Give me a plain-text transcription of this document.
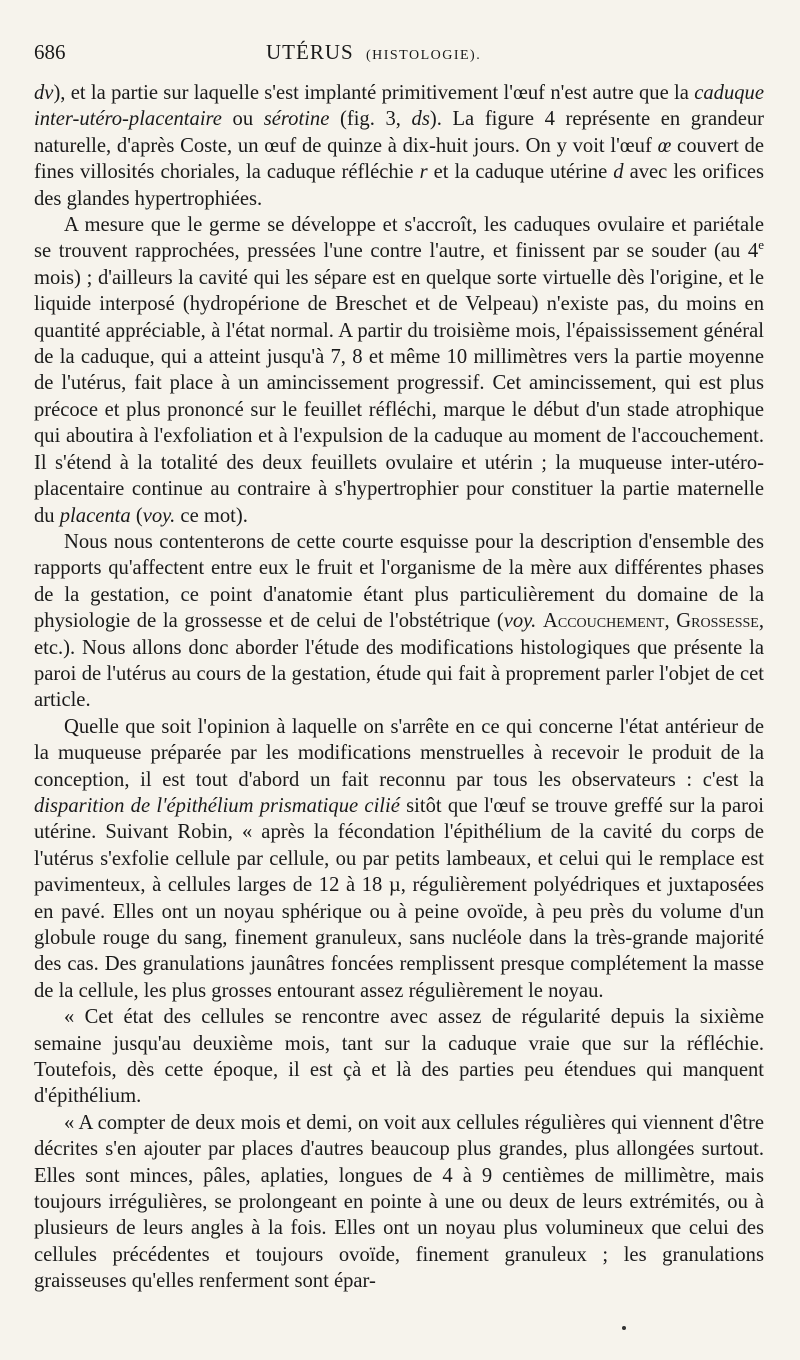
686	UTÉRUS (HISTOLOGIE).

dv), et la partie sur laquelle s'est implanté primitivement l'œuf n'est autre que la caduque inter-utéro-placentaire ou sérotine (fig. 3, ds). La figure 4 représente en grandeur naturelle, d'après Coste, un œuf de quinze à dix-huit jours. On y voit l'œuf œ couvert de fines villosités choriales, la caduque réfléchie r et la caduque utérine d avec les orifices des glandes hypertrophiées.

A mesure que le germe se développe et s'accroît, les caduques ovulaire et pariétale se trouvent rapprochées, pressées l'une contre l'autre, et finissent par se souder (au 4e mois) ; d'ailleurs la cavité qui les sépare est en quelque sorte virtuelle dès l'origine, et le liquide interposé (hydropérione de Breschet et de Velpeau) n'existe pas, du moins en quantité appréciable, à l'état normal. A partir du troisième mois, l'épaississement général de la caduque, qui a atteint jusqu'à 7, 8 et même 10 millimètres vers la partie moyenne de l'utérus, fait place à un amincissement progressif. Cet amincissement, qui est plus précoce et plus prononcé sur le feuillet réfléchi, marque le début d'un stade atrophique qui aboutira à l'exfoliation et à l'expulsion de la caduque au moment de l'accouchement. Il s'étend à la totalité des deux feuillets ovulaire et utérin ; la muqueuse inter-utéro-placentaire continue au contraire à s'hypertrophier pour constituer la partie maternelle du placenta (voy. ce mot).

Nous nous contenterons de cette courte esquisse pour la description d'ensemble des rapports qu'affectent entre eux le fruit et l'organisme de la mère aux différentes phases de la gestation, ce point d'anatomie étant plus particulièrement du domaine de la physiologie de la grossesse et de celui de l'obstétrique (voy. Accouchement, Grossesse, etc.). Nous allons donc aborder l'étude des modifications histologiques que présente la paroi de l'utérus au cours de la gestation, étude qui fait à proprement parler l'objet de cet article.

Quelle que soit l'opinion à laquelle on s'arrête en ce qui concerne l'état antérieur de la muqueuse préparée par les modifications menstruelles à recevoir le produit de la conception, il est tout d'abord un fait reconnu par tous les observateurs : c'est la disparition de l'épithélium prismatique cilié sitôt que l'œuf se trouve greffé sur la paroi utérine. Suivant Robin, « après la fécondation l'épithélium de la cavité du corps de l'utérus s'exfolie cellule par cellule, ou par petits lambeaux, et celui qui le remplace est pavimenteux, à cellules larges de 12 à 18 µ, régulièrement polyédriques et juxtaposées en pavé. Elles ont un noyau sphérique ou à peine ovoïde, à peu près du volume d'un globule rouge du sang, finement granuleux, sans nucléole dans la très-grande majorité des cas. Des granulations jaunâtres foncées remplissent presque complétement la masse de la cellule, les plus grosses entourant assez régulièrement le noyau.

« Cet état des cellules se rencontre avec assez de régularité depuis la sixième semaine jusqu'au deuxième mois, tant sur la caduque vraie que sur la réfléchie. Toutefois, dès cette époque, il est çà et là des parties peu étendues qui manquent d'épithélium.

« A compter de deux mois et demi, on voit aux cellules régulières qui viennent d'être décrites s'en ajouter par places d'autres beaucoup plus grandes, plus allongées surtout. Elles sont minces, pâles, aplaties, longues de 4 à 9 centièmes de millimètre, mais toujours irrégulières, se prolongeant en pointe à une ou deux de leurs extrémités, ou à plusieurs de leurs angles à la fois. Elles ont un noyau plus volumineux que celui des cellules précédentes et toujours ovoïde, finement granuleux ; les granulations graisseuses qu'elles renferment sont épar-
